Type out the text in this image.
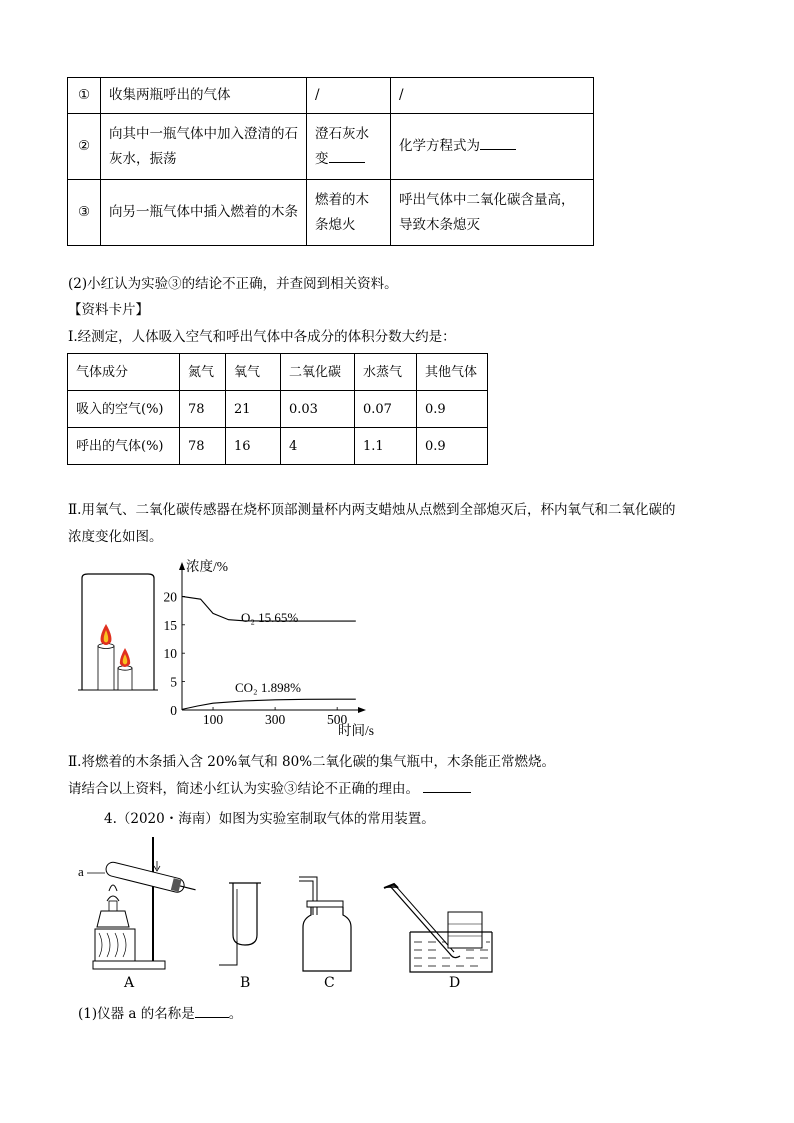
①	收集两瓶呼出的气体	/	/
②	向其中一瓶气体中加入澄清的石灰水，振荡	澄石灰水变	化学方程式为
③	向另一瓶气体中插入燃着的木条	燃着的木条熄火	呼出气体中二氧化碳含量高，导致木条熄灭
(2)小红认为实验③的结论不正确，并查阅到相关资料。
【资料卡片】
Ⅰ.经测定，人体吸入空气和呼出气体中各成分的体积分数大约是：
气体成分	氮气	氧气	二氧化碳	水蒸气	其他气体
吸入的空气(%)	78	21	0.03	0.07	0.9
呼出的气体(%)	78	16	4	1.1	0.9
Ⅱ.用氧气、二氧化碳传感器在烧杯顶部测量杯内两支蜡烛从点燃到全部熄灭后，杯内氧气和二氧化碳的
浓度变化如图。
0
5
10
15
20
100	300	500
浓度/%
时间/s
O₂ 15.65%
CO₂ 1.898%
Ⅱ.将燃着的木条插入含 20%氧气和 80%二氧化碳的集气瓶中，木条能正常燃烧。
请结合以上资料，简述小红认为实验③结论不正确的理由。
4.（2020・海南）如图为实验室制取气体的常用装置。
a
A	B	C	D
(1)仪器 a 的名称是	。
